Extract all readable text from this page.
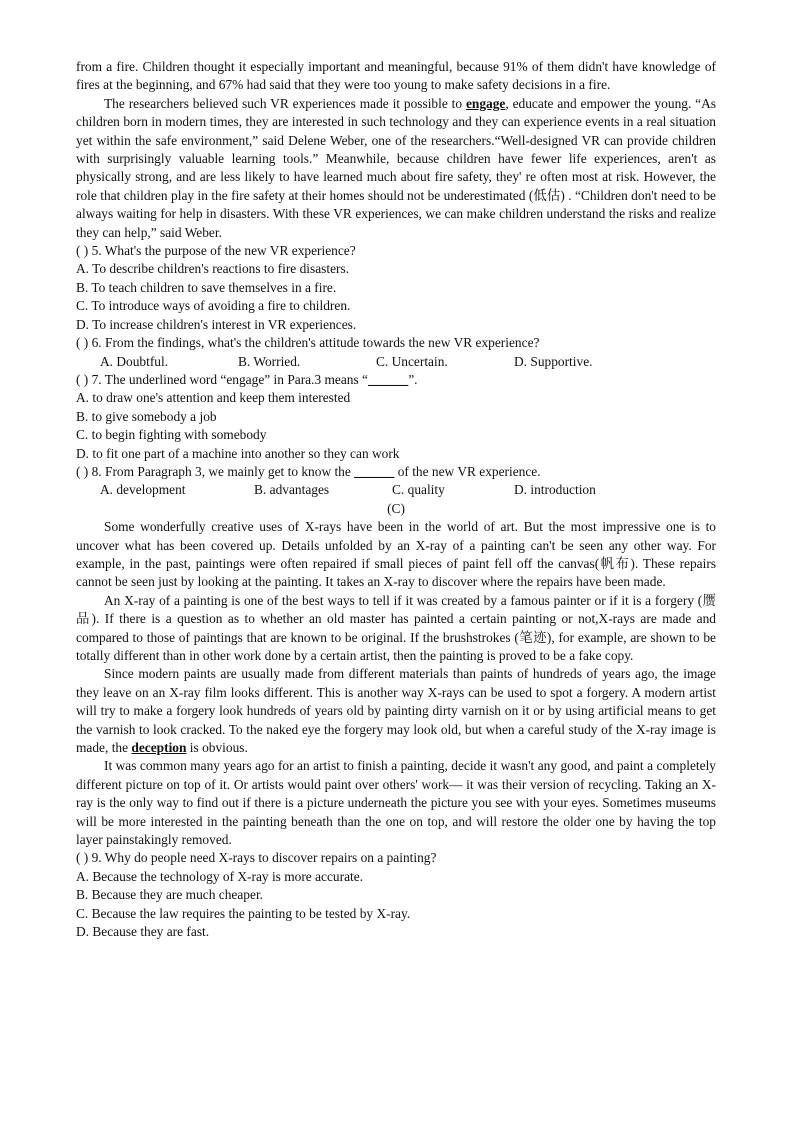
from a fire. Children thought it especially important and meaningful, because 91% of them didn't have knowledge of fires at the beginning, and 67% had said that they were too young to make safety decisions in a fire.

The researchers believed such VR experiences made it possible to engage, educate and empower the young. “As children born in modern times, they are interested in such technology and they can experience events in a real situation yet within the safe environment,” said Delene Weber, one of the researchers.“Well-designed VR can provide children with surprisingly valuable learning tools.” Meanwhile, because children have fewer life experiences, aren't as physically strong, and are less likely to have learned much about fire safety, they' re often most at risk. However, the role that children play in the fire safety at their homes should not be underestimated (低估) . “Children don't need to be always waiting for help in disasters. With these VR experiences, we can make children understand the risks and realize they can help,” said Weber.

( ) 5. What's the purpose of the new VR experience?

A. To describe children's reactions to fire disasters.

B. To teach children to save themselves in a fire.

C. To introduce ways of avoiding a fire to children.

D. To increase children's interest in VR experiences.

( ) 6. From the findings, what's the children's attitude towards the new VR experience?

A. Doubtful.	B. Worried.	C. Uncertain.	D. Supportive.

( ) 7. The underlined word “engage” in Para.3 means “______”.

A. to draw one's attention and keep them interested

B. to give somebody a job

C. to begin fighting with somebody

D. to fit one part of a machine into another so they can work

( ) 8. From Paragraph 3, we mainly get to know the ______ of the new VR experience.

A. development	B. advantages	C. quality	D. introduction

(C)

Some wonderfully creative uses of X-rays have been in the world of art. But the most impressive one is to uncover what has been covered up. Details unfolded by an X-ray of a painting can't be seen any other way. For example, in the past, paintings were often repaired if small pieces of paint fell off the canvas(帆布). These repairs cannot be seen just by looking at the painting. It takes an X-ray to discover where the repairs have been made.

An X-ray of a painting is one of the best ways to tell if it was created by a famous painter or if it is a forgery (赝品). If there is a question as to whether an old master has painted a certain painting or not,X-rays are made and compared to those of paintings that are known to be original. If the brushstrokes (笔迹), for example, are shown to be totally different than in other work done by a certain artist, then the painting is proved to be a fake copy.

Since modern paints are usually made from different materials than paints of hundreds of years ago, the image they leave on an X-ray film looks different. This is another way X-rays can be used to spot a forgery. A modern artist will try to make a forgery look hundreds of years old by painting dirty varnish on it or by using artificial means to get the varnish to look cracked. To the naked eye the forgery may look old, but when a careful study of the X-ray image is made, the deception is obvious.

It was common many years ago for an artist to finish a painting, decide it wasn't any good, and paint a completely different picture on top of it. Or artists would paint over others' work— it was their version of recycling. Taking an X-ray is the only way to find out if there is a picture underneath the picture you see with your eyes. Sometimes museums will be more interested in the painting beneath than the one on top, and will restore the older one by having the top layer painstakingly removed.

( ) 9. Why do people need X-rays to discover repairs on a painting?

A. Because the technology of X-ray is more accurate.

B. Because they are much cheaper.

C. Because the law requires the painting to be tested by X-ray.

D. Because they are fast.
